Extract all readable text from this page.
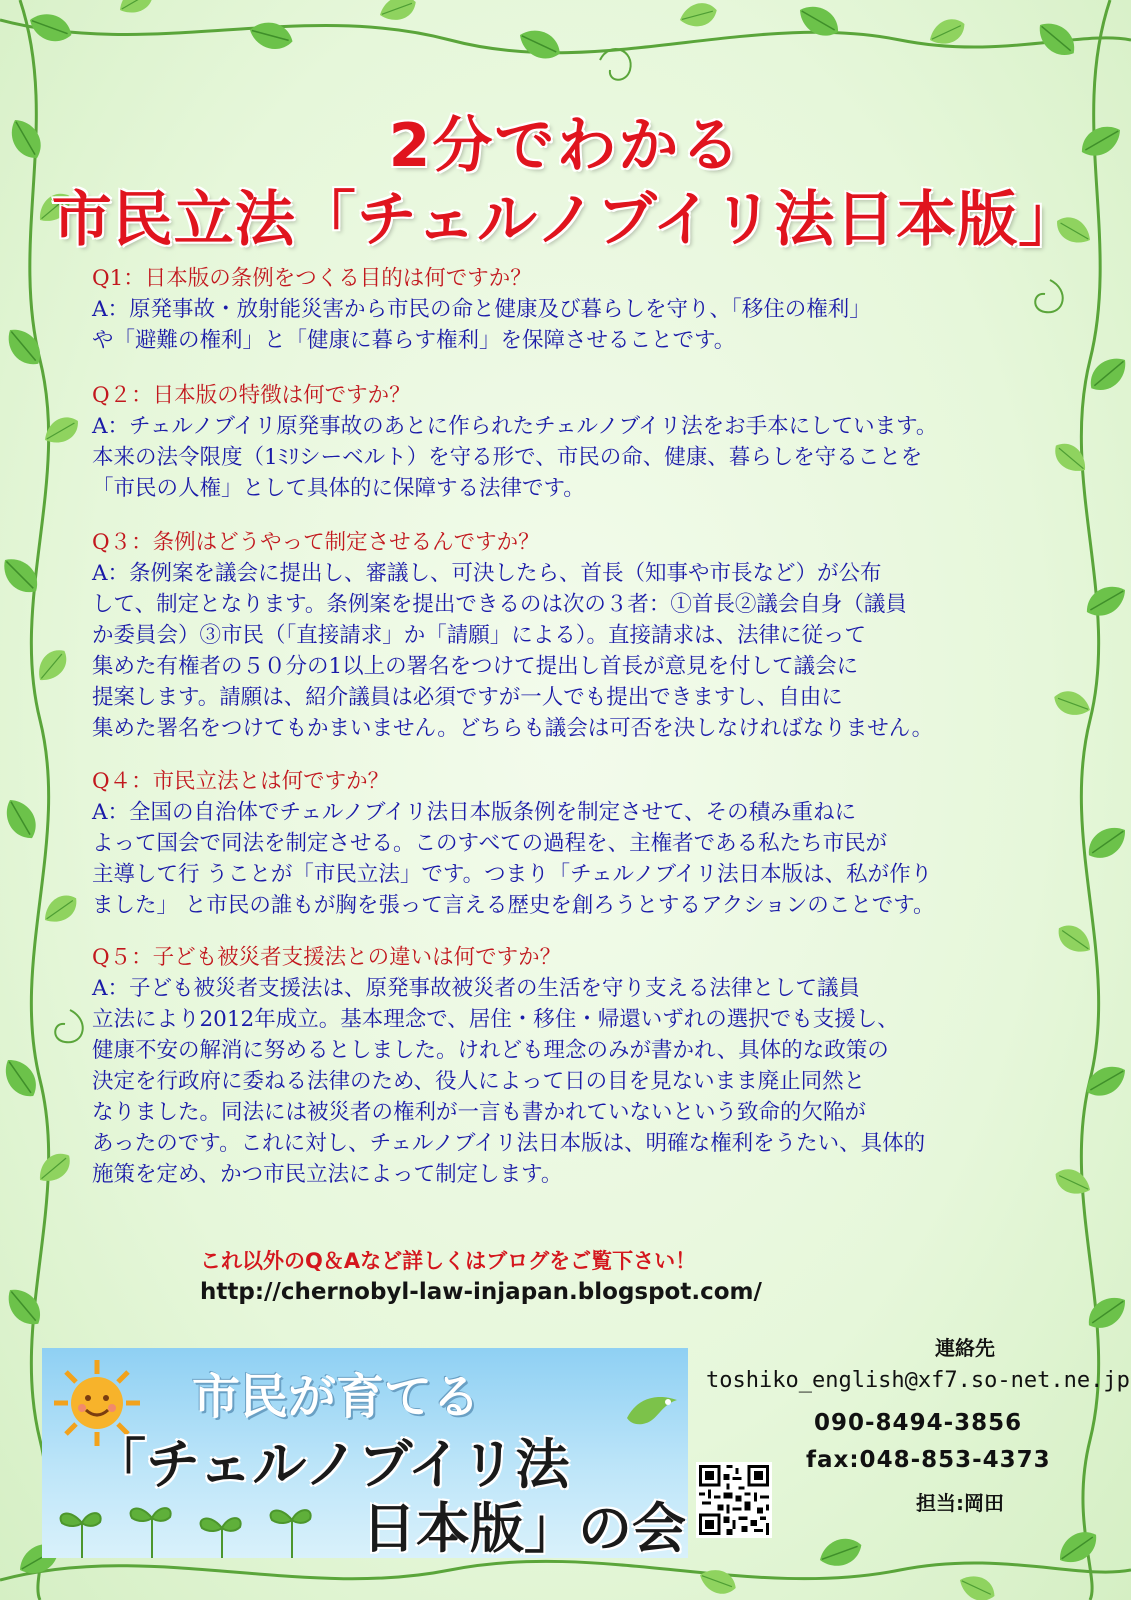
2分でわかる
市民立法「チェルノブイリ法日本版」
Q1：日本版の条例をつくる目的は何ですか？
A：原発事故・放射能災害から市民の命と健康及び暮らしを守り、「移住の権利」
や「避難の権利」と「健康に暮らす権利」を保障させることです。
Q２：日本版の特徴は何ですか？
A：チェルノブイリ原発事故のあとに作られたチェルノブイリ法をお手本にしています。
本来の法令限度（1ﾐﾘシーベルト）を守る形で、市民の命、健康、暮らしを守ることを
「市民の人権」として具体的に保障する法律です。
Q３：条例はどうやって制定させるんですか？
A：条例案を議会に提出し、審議し、可決したら、首長（知事や市長など）が公布
して、制定となります。条例案を提出できるのは次の３者：①首長②議会自身（議員
か委員会）③市民（「直接請求」か「請願」による）。直接請求は、法律に従って
集めた有権者の５０分の1以上の署名をつけて提出し首長が意見を付して議会に
提案します。請願は、紹介議員は必須ですが一人でも提出できますし、自由に
集めた署名をつけてもかまいません。どちらも議会は可否を決しなければなりません。
Q４：市民立法とは何ですか？
A：全国の自治体でチェルノブイリ法日本版条例を制定させて、その積み重ねに
よって国会で同法を制定させる。このすべての過程を、主権者である私たち市民が
主導して行 うことが「市民立法」です。つまり「チェルノブイリ法日本版は、私が作り
ました」 と市民の誰もが胸を張って言える歴史を創ろうとするアクションのことです。
Q５：子ども被災者支援法との違いは何ですか？
A：子ども被災者支援法は、原発事故被災者の生活を守り支える法律として議員
立法により2012年成立。基本理念で、居住・移住・帰還いずれの選択でも支援し、
健康不安の解消に努めるとしました。けれども理念のみが書かれ、具体的な政策の
決定を行政府に委ねる法律のため、役人によって日の目を見ないまま廃止同然と
なりました。同法には被災者の権利が一言も書かれていないという致命的欠陥が
あったのです。これに対し、チェルノブイリ法日本版は、明確な権利をうたい、具体的
施策を定め、かつ市民立法によって制定します。
これ以外のQ＆Aなど詳しくはブログをご覧下さい！
http://chernobyl-law-injapan.blogspot.com/
市民が育てる
「チェルノブイリ法
日本版」の会
連絡先
toshiko_english@xf7.so-net.ne.jp
090-8494-3856
fax:048-853-4373
担当:岡田
